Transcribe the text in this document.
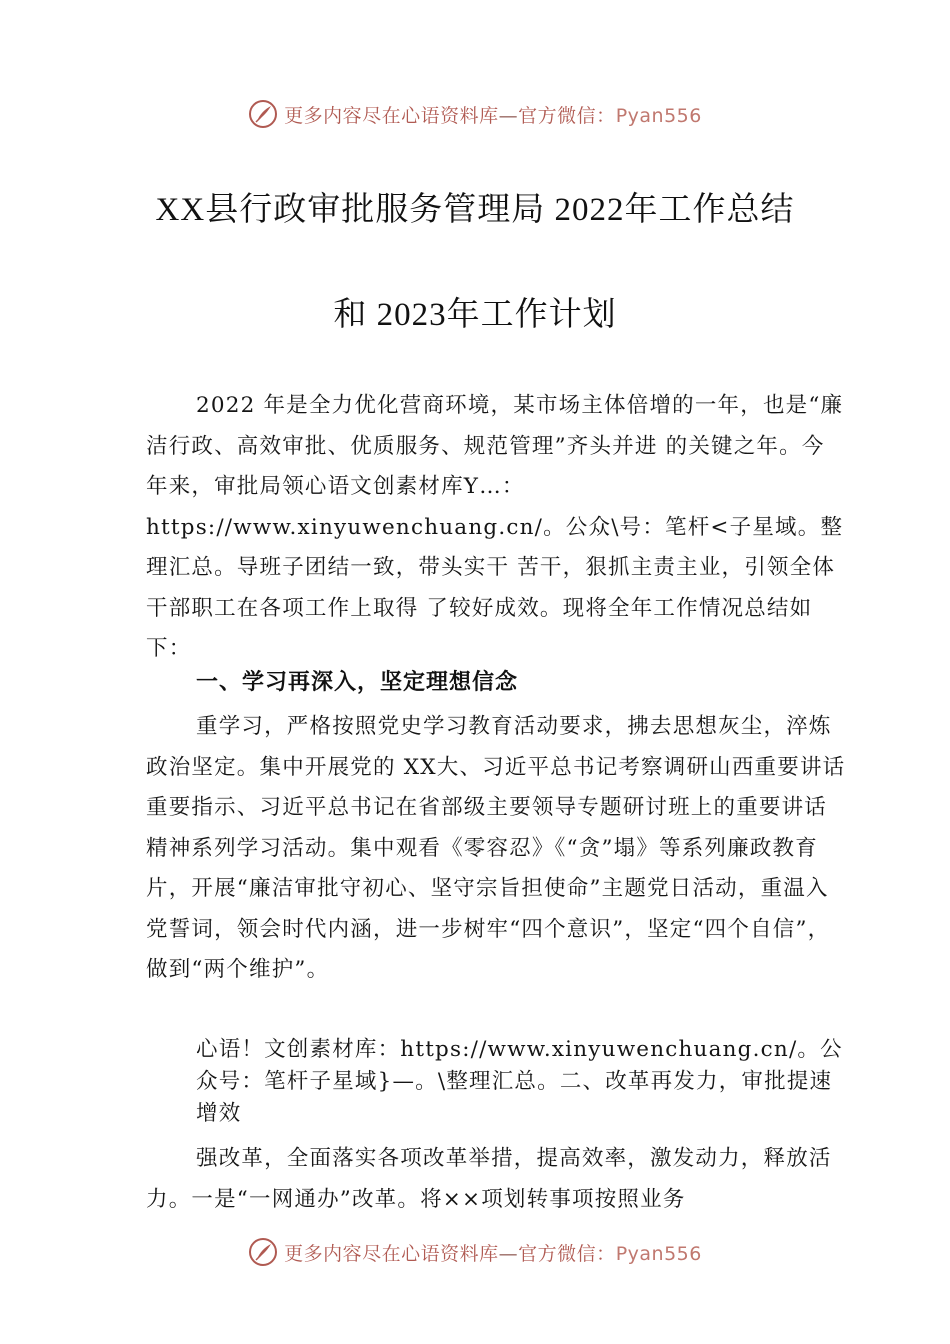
更多内容尽在心语资料库—官方微信：Pyan556
XX县行政审批服务管理局 2022年工作总结
和 2023年工作计划
2022 年是全力优化营商环境，某市场主体倍增的一年，也是“廉洁行政、高效审批、优质服务、规范管理”齐头并进 的关键之年。今年来，审批局领心语文创素材库Y…：https://www.xinyuwenchuang.cn/。公众\号：笔杆<子星域。整理汇总。导班子团结一致，带头实干 苦干，狠抓主责主业，引领全体干部职工在各项工作上取得 了较好成效。现将全年工作情况总结如下：
一、学习再深入，坚定理想信念
重学习，严格按照党史学习教育活动要求，拂去思想灰尘，淬炼政治坚定。集中开展党的 XX大、习近平总书记考察调研山西重要讲话重要指示、习近平总书记在省部级主要领导专题研讨班上的重要讲话精神系列学习活动。集中观看《零容忍》《“贪”塌》等系列廉政教育片，开展“廉洁审批守初心、坚守宗旨担使命”主题党日活动，重温入党誓词，领会时代内涵，进一步树牢“四个意识”，坚定“四个自信”， 做到“两个维护”。
心语！文创素材库：https://www.xinyuwenchuang.cn/。公众号：笔杆子星域}—。\整理汇总。二、改革再发力，审批提速增效
强改革，全面落实各项改革举措，提高效率，激发动力，释放活力。一是“一网通办”改革。将××项划转事项按照业务
更多内容尽在心语资料库—官方微信：Pyan556
